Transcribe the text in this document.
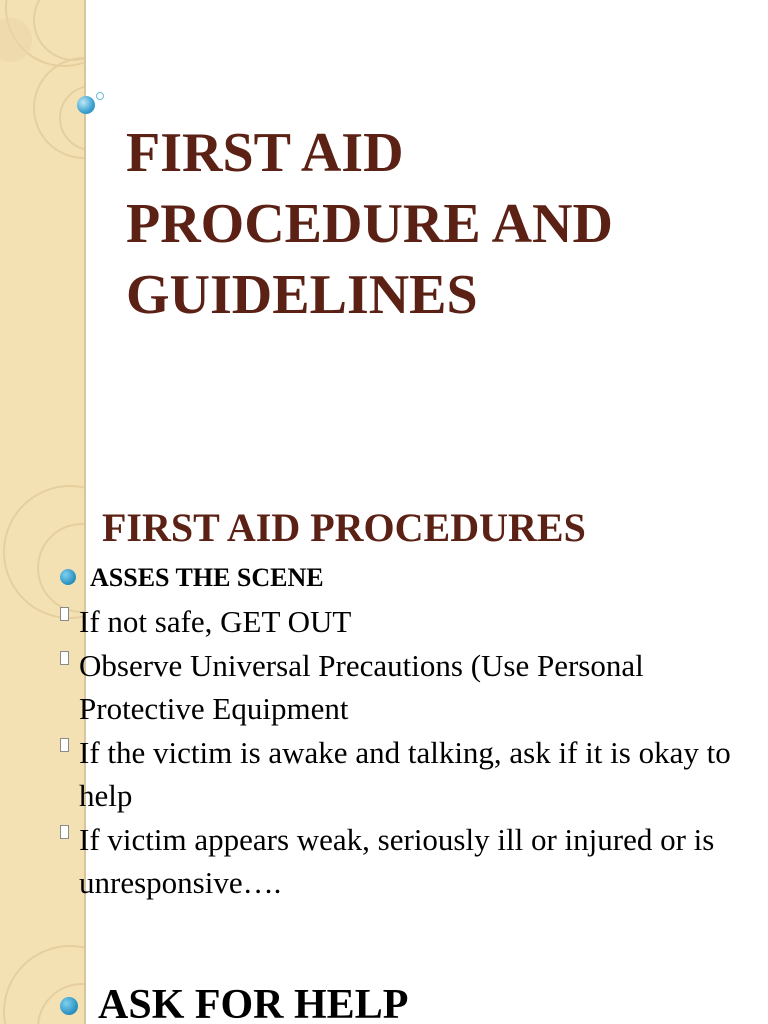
FIRST AID
PROCEDURE AND
GUIDELINES
FIRST AID PROCEDURES
ASSES THE SCENE
If not safe, GET OUT
Observe Universal Precautions (Use Personal Protective Equipment
If the victim is awake and talking, ask if it is okay to help
If victim appears weak, seriously ill or injured or is unresponsive….
ASK FOR HELP
